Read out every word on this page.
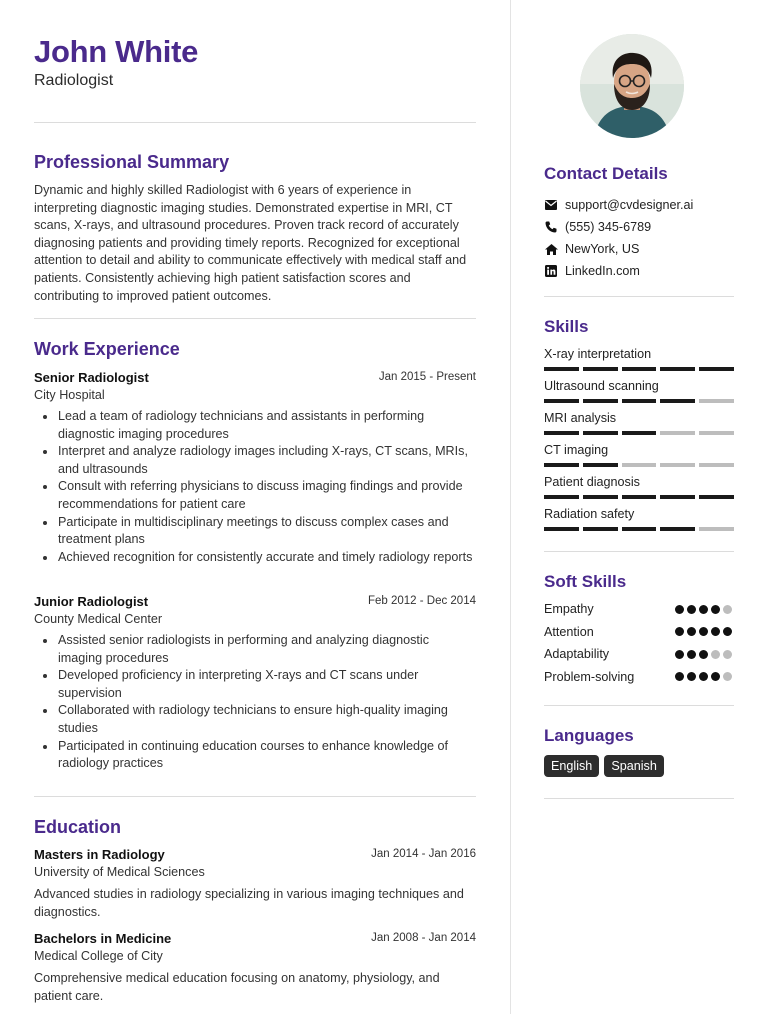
John White
Radiologist
Professional Summary
Dynamic and highly skilled Radiologist with 6 years of experience in interpreting diagnostic imaging studies. Demonstrated expertise in MRI, CT scans, X-rays, and ultrasound procedures. Proven track record of accurately diagnosing patients and providing timely reports. Recognized for exceptional attention to detail and ability to communicate effectively with medical staff and patients. Consistently achieving high patient satisfaction scores and contributing to improved patient outcomes.
Work Experience
Senior Radiologist	Jan 2015 - Present
City Hospital
Lead a team of radiology technicians and assistants in performing diagnostic imaging procedures
Interpret and analyze radiology images including X-rays, CT scans, MRIs, and ultrasounds
Consult with referring physicians to discuss imaging findings and provide recommendations for patient care
Participate in multidisciplinary meetings to discuss complex cases and treatment plans
Achieved recognition for consistently accurate and timely radiology reports
Junior Radiologist	Feb 2012 - Dec 2014
County Medical Center
Assisted senior radiologists in performing and analyzing diagnostic imaging procedures
Developed proficiency in interpreting X-rays and CT scans under supervision
Collaborated with radiology technicians to ensure high-quality imaging studies
Participated in continuing education courses to enhance knowledge of radiology practices
Education
Masters in Radiology	Jan 2014 - Jan 2016
University of Medical Sciences
Advanced studies in radiology specializing in various imaging techniques and diagnostics.
Bachelors in Medicine	Jan 2008 - Jan 2014
Medical College of City
Comprehensive medical education focusing on anatomy, physiology, and patient care.
Contact Details
support@cvdesigner.ai
(555) 345-6789
NewYork, US
LinkedIn.com
Skills
X-ray interpretation
Ultrasound scanning
MRI analysis
CT imaging
Patient diagnosis
Radiation safety
Soft Skills
Empathy
Attention
Adaptability
Problem-solving
Languages
English	Spanish
